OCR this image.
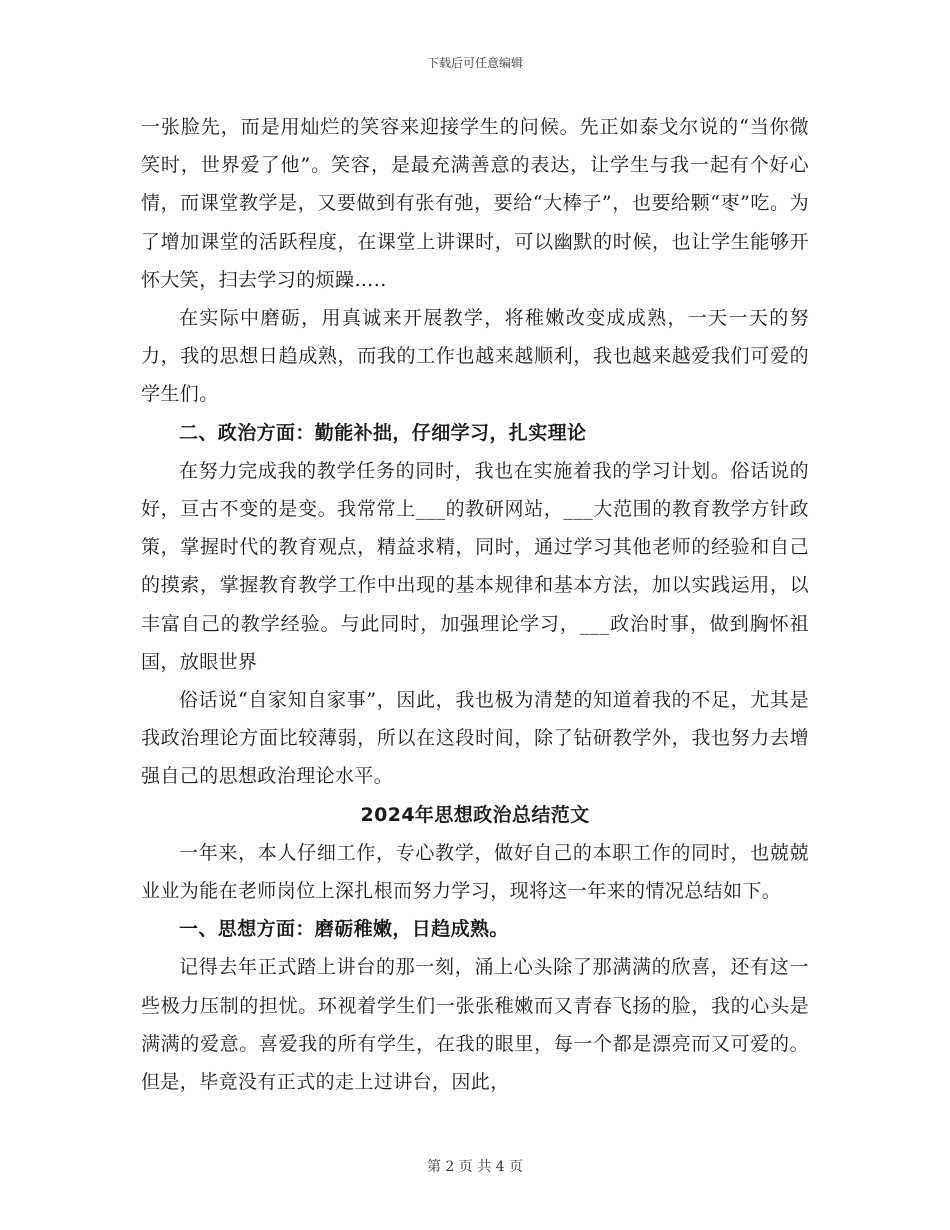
下载后可任意编辑

一张脸先，而是用灿烂的笑容来迎接学生的问候。先正如泰戈尔说的“当你微笑时，世界爱了他”。笑容，是最充满善意的表达，让学生与我一起有个好心情，而课堂教学是，又要做到有张有弛，要给“大棒子”，也要给颗“枣”吃。为了增加课堂的活跃程度，在课堂上讲课时，可以幽默的时候，也让学生能够开怀大笑，扫去学习的烦躁…..

在实际中磨砺，用真诚来开展教学，将稚嫩改变成成熟，一天一天的努力，我的思想日趋成熟，而我的工作也越来越顺利，我也越来越爱我们可爱的学生们。

二、政治方面：勤能补拙，仔细学习，扎实理论

在努力完成我的教学任务的同时，我也在实施着我的学习计划。俗话说的好，亘古不变的是变。我常常上___的教研网站，___大范围的教育教学方针政策，掌握时代的教育观点，精益求精，同时，通过学习其他老师的经验和自己的摸索，掌握教育教学工作中出现的基本规律和基本方法，加以实践运用，以丰富自己的教学经验。与此同时，加强理论学习，___政治时事，做到胸怀祖国，放眼世界

俗话说“自家知自家事”，因此，我也极为清楚的知道着我的不足，尤其是我政治理论方面比较薄弱，所以在这段时间，除了钻研教学外，我也努力去增强自己的思想政治理论水平。

2024年思想政治总结范文

一年来，本人仔细工作，专心教学，做好自己的本职工作的同时，也兢兢业业为能在老师岗位上深扎根而努力学习，现将这一年来的情况总结如下。

一、思想方面：磨砺稚嫩，日趋成熟。

记得去年正式踏上讲台的那一刻，涌上心头除了那满满的欣喜，还有这一些极力压制的担忧。环视着学生们一张张稚嫩而又青春飞扬的脸，我的心头是满满的爱意。喜爱我的所有学生，在我的眼里，每一个都是漂亮而又可爱的。但是，毕竟没有正式的走上过讲台，因此，

第 2 页 共 4 页
